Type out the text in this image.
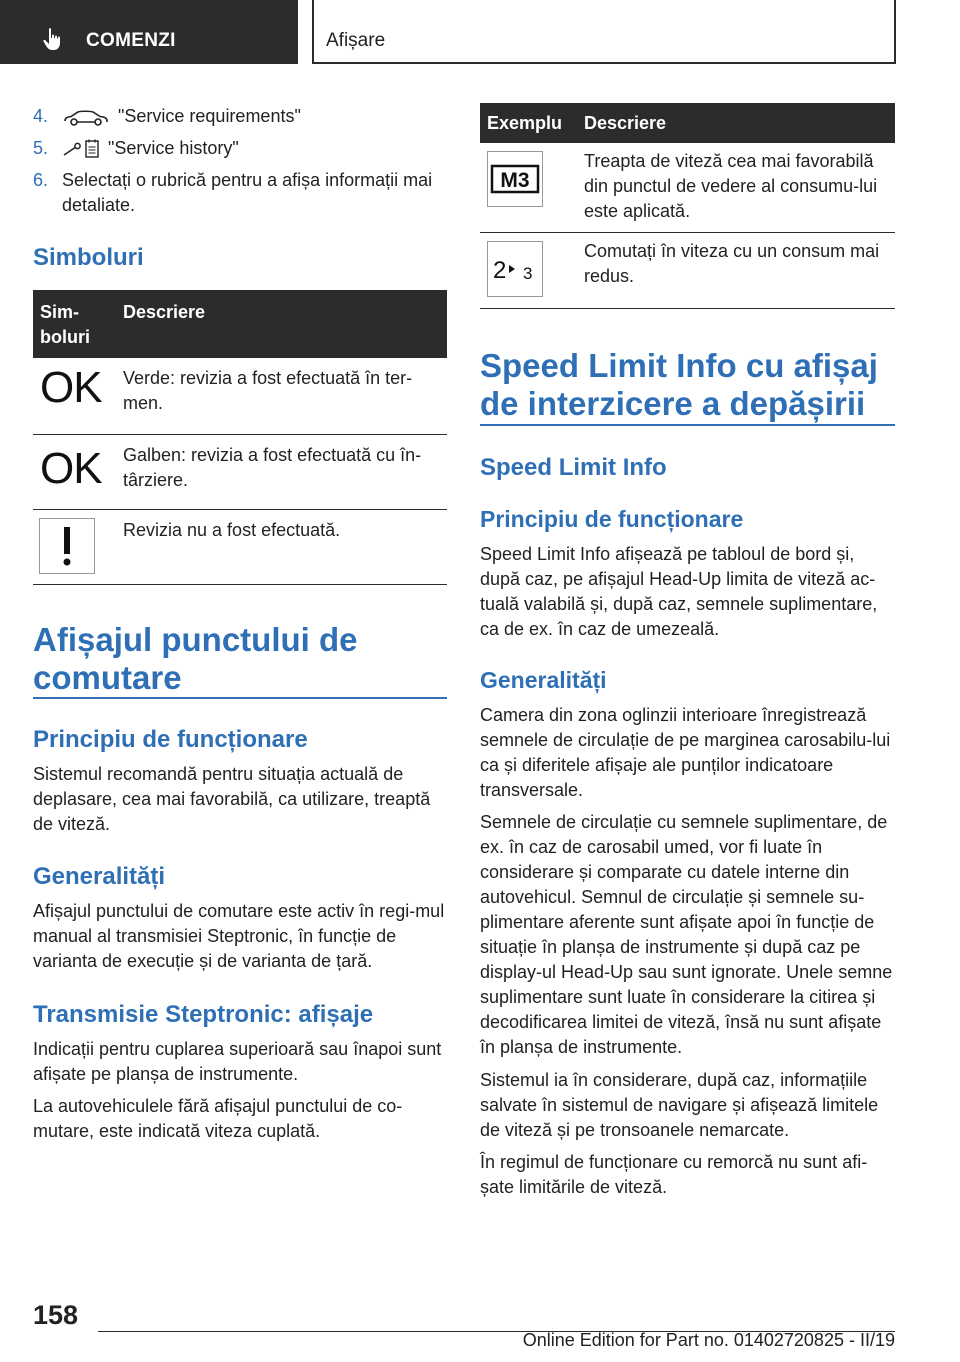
COMENZI	Afișare
4.	"Service requirements"
5.	"Service history"
6. Selectați o rubrică pentru a afișa informații mai detaliate.
Simboluri
Sim-
boluri	Descriere
OK	Verde: revizia a fost efectuată în ter-men.
OK	Galben: revizia a fost efectuată cu în-târziere.
	Revizia nu a fost efectuată.
Afișajul punctului de comutare
Principiu de funcționare
Sistemul recomandă pentru situația actuală de deplasare, cea mai favorabilă, ca utilizare, treaptă de viteză.
Generalități
Afișajul punctului de comutare este activ în regi-mul manual al transmisiei Steptronic, în funcție de varianta de execuție și de varianta de țară.
Transmisie Steptronic: afișaje
Indicații pentru cuplarea superioară sau înapoi sunt afișate pe planșa de instrumente.
La autovehiculele fără afișajul punctului de co-mutare, este indicată viteza cuplată.
Exemplu	Descriere

M3	Treapta de viteză cea mai favorabilă din punctul de vedere al consumu-lui este aplicată.

2 3	Comutați în viteza cu un consum mai redus.
Speed Limit Info cu afișaj de interzicere a depășirii
Speed Limit Info
Principiu de funcționare
Speed Limit Info afișează pe tabloul de bord și, după caz, pe afișajul Head-Up limita de viteză ac-tuală valabilă și, după caz, semnele suplimentare, ca de ex. în caz de umezeală.
Generalități
Camera din zona oglinzii interioare înregistrează semnele de circulație de pe marginea carosabilu-lui ca și diferitele afișaje ale punților indicatoare transversale.
Semnele de circulație cu semnele suplimentare, de ex. în caz de carosabil umed, vor fi luate în considerare și comparate cu datele interne din autovehicul. Semnul de circulație și semnele su-plimentare aferente sunt afișate apoi în funcție de situație în planșa de instrumente și după caz pe display-ul Head-Up sau sunt ignorate. Unele semne suplimentare sunt luate în considerare la citirea și decodificarea limitei de viteză, însă nu sunt afișate în planșa de instrumente.
Sistemul ia în considerare, după caz, informațiile salvate în sistemul de navigare și afișează limitele de viteză și pe tronsoanele nemarcate.
În regimul de funcționare cu remorcă nu sunt afi-șate limitările de viteză.
158
Online Edition for Part no. 01402720825 - II/19
